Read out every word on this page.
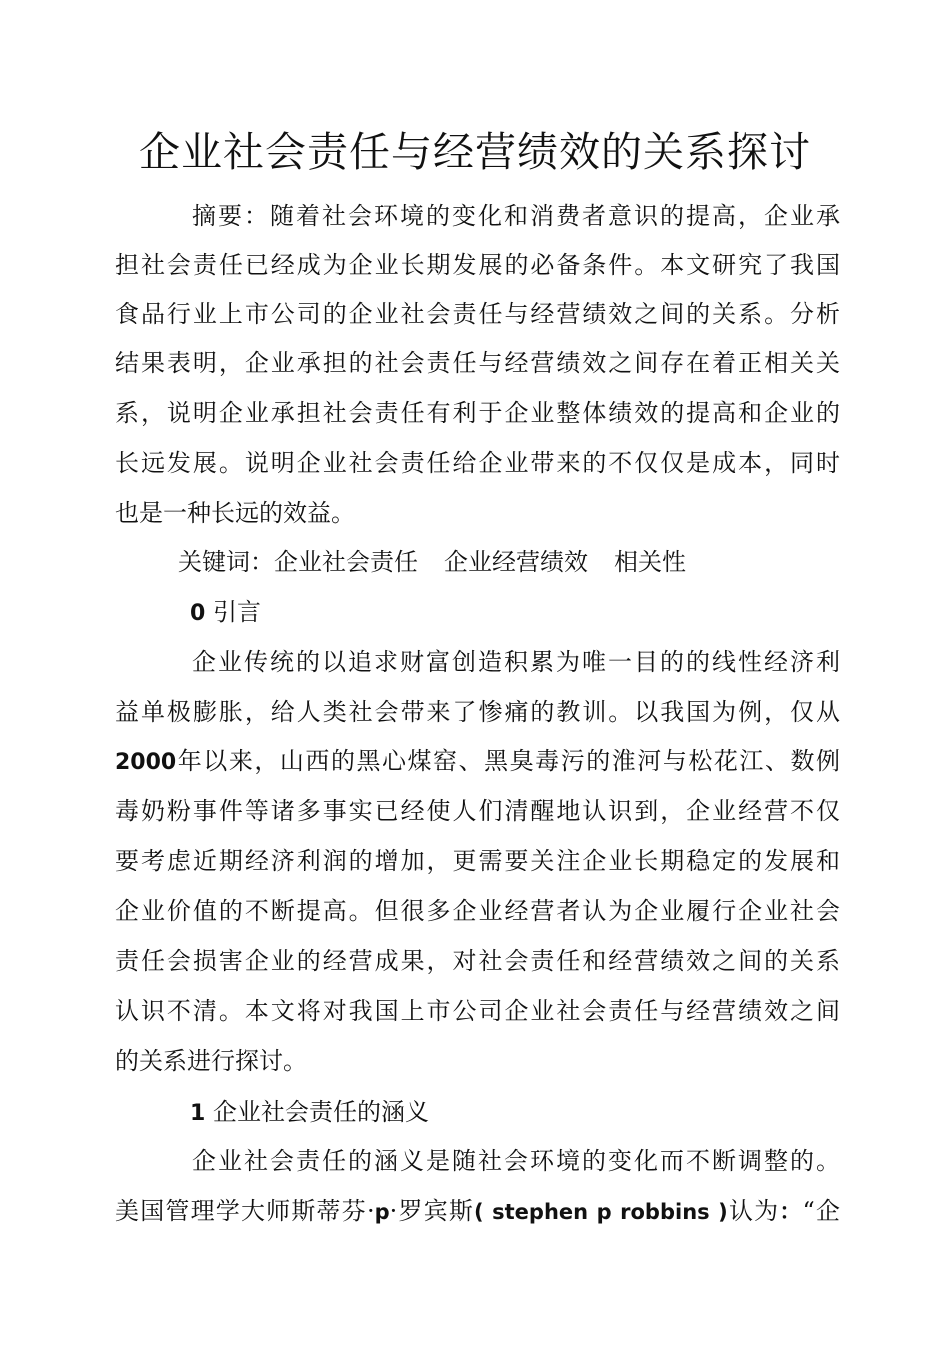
企业社会责任与经营绩效的关系探讨

摘要：随着社会环境的变化和消费者意识的提高，企业承

担社会责任已经成为企业长期发展的必备条件。本文研究了我国

食品行业上市公司的企业社会责任与经营绩效之间的关系。分析

结果表明，企业承担的社会责任与经营绩效之间存在着正相关关

系，说明企业承担社会责任有利于企业整体绩效的提高和企业的

长远发展。说明企业社会责任给企业带来的不仅仅是成本，同时

也是一种长远的效益。

关键词：企业社会责任 企业经营绩效 相关性

0 引言

企业传统的以追求财富创造积累为唯一目的的线性经济利

益单极膨胀，给人类社会带来了惨痛的教训。以我国为例，仅从

2000年以来，山西的黑心煤窑、黑臭毒污的淮河与松花江、数例

毒奶粉事件等诸多事实已经使人们清醒地认识到，企业经营不仅

要考虑近期经济利润的增加，更需要关注企业长期稳定的发展和

企业价值的不断提高。但很多企业经营者认为企业履行企业社会

责任会损害企业的经营成果，对社会责任和经营绩效之间的关系

认识不清。本文将对我国上市公司企业社会责任与经营绩效之间

的关系进行探讨。

1 企业社会责任的涵义

企业社会责任的涵义是随社会环境的变化而不断调整的。

美国管理学大师斯蒂芬·p·罗宾斯( stephen p robbins )认为：“企
